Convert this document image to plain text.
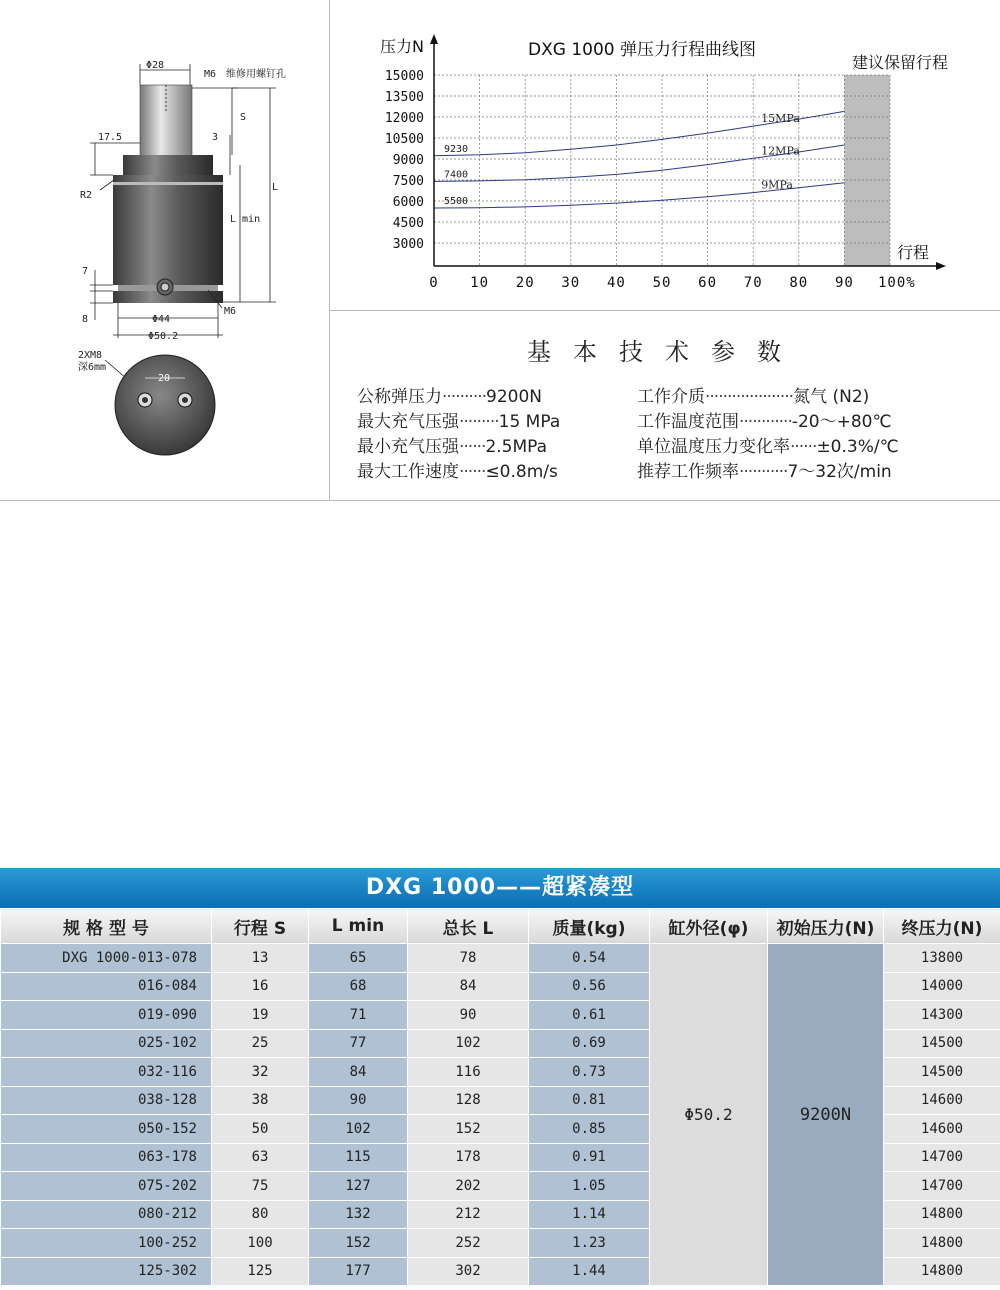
Φ28
M6 维修用螺钉孔
17.5	3
S
L
L min
R2
7
8
M6
Φ44
Φ50.2
2XM8
深6mm
20
DXG 1000 弹压力行程曲线图
压力N
行程
建议保留行程
3000
4500
6000
7500
9000
10500
12000
13500
15000
0 10 20 30 40 50 60 70 80 90 100%
15MPa
9230	12MPa
7400
9MPa
5500
基本技术参数
公称弹压力··········9200N	工作介质····················氮气 (N2)
最大充气压强·········15 MPa	工作温度范围············-20～+80℃
最小充气压强······2.5MPa	单位温度压力变化率······±0.3%/℃
最大工作速度······≤0.8m/s	推荐工作频率···········7～32次/min
DXG 1000——超紧凑型
规 格 型 号	行程 S	L min	总长 L	质量(kg)	缸外径(φ)	初始压力(N)	终压力(N)
DXG 1000-013-078	13	65	78	0.54	Φ50.2	9200N	13800
016-084	16	68	84	0.56			14000
019-090	19	71	90	0.61			14300
025-102	25	77	102	0.69			14500
032-116	32	84	116	0.73			14500
038-128	38	90	128	0.81			14600
050-152	50	102	152	0.85			14600
063-178	63	115	178	0.91			14700
075-202	75	127	202	1.05			14700
080-212	80	132	212	1.14			14800
100-252	100	152	252	1.23			14800
125-302	125	177	302	1.44			14800
